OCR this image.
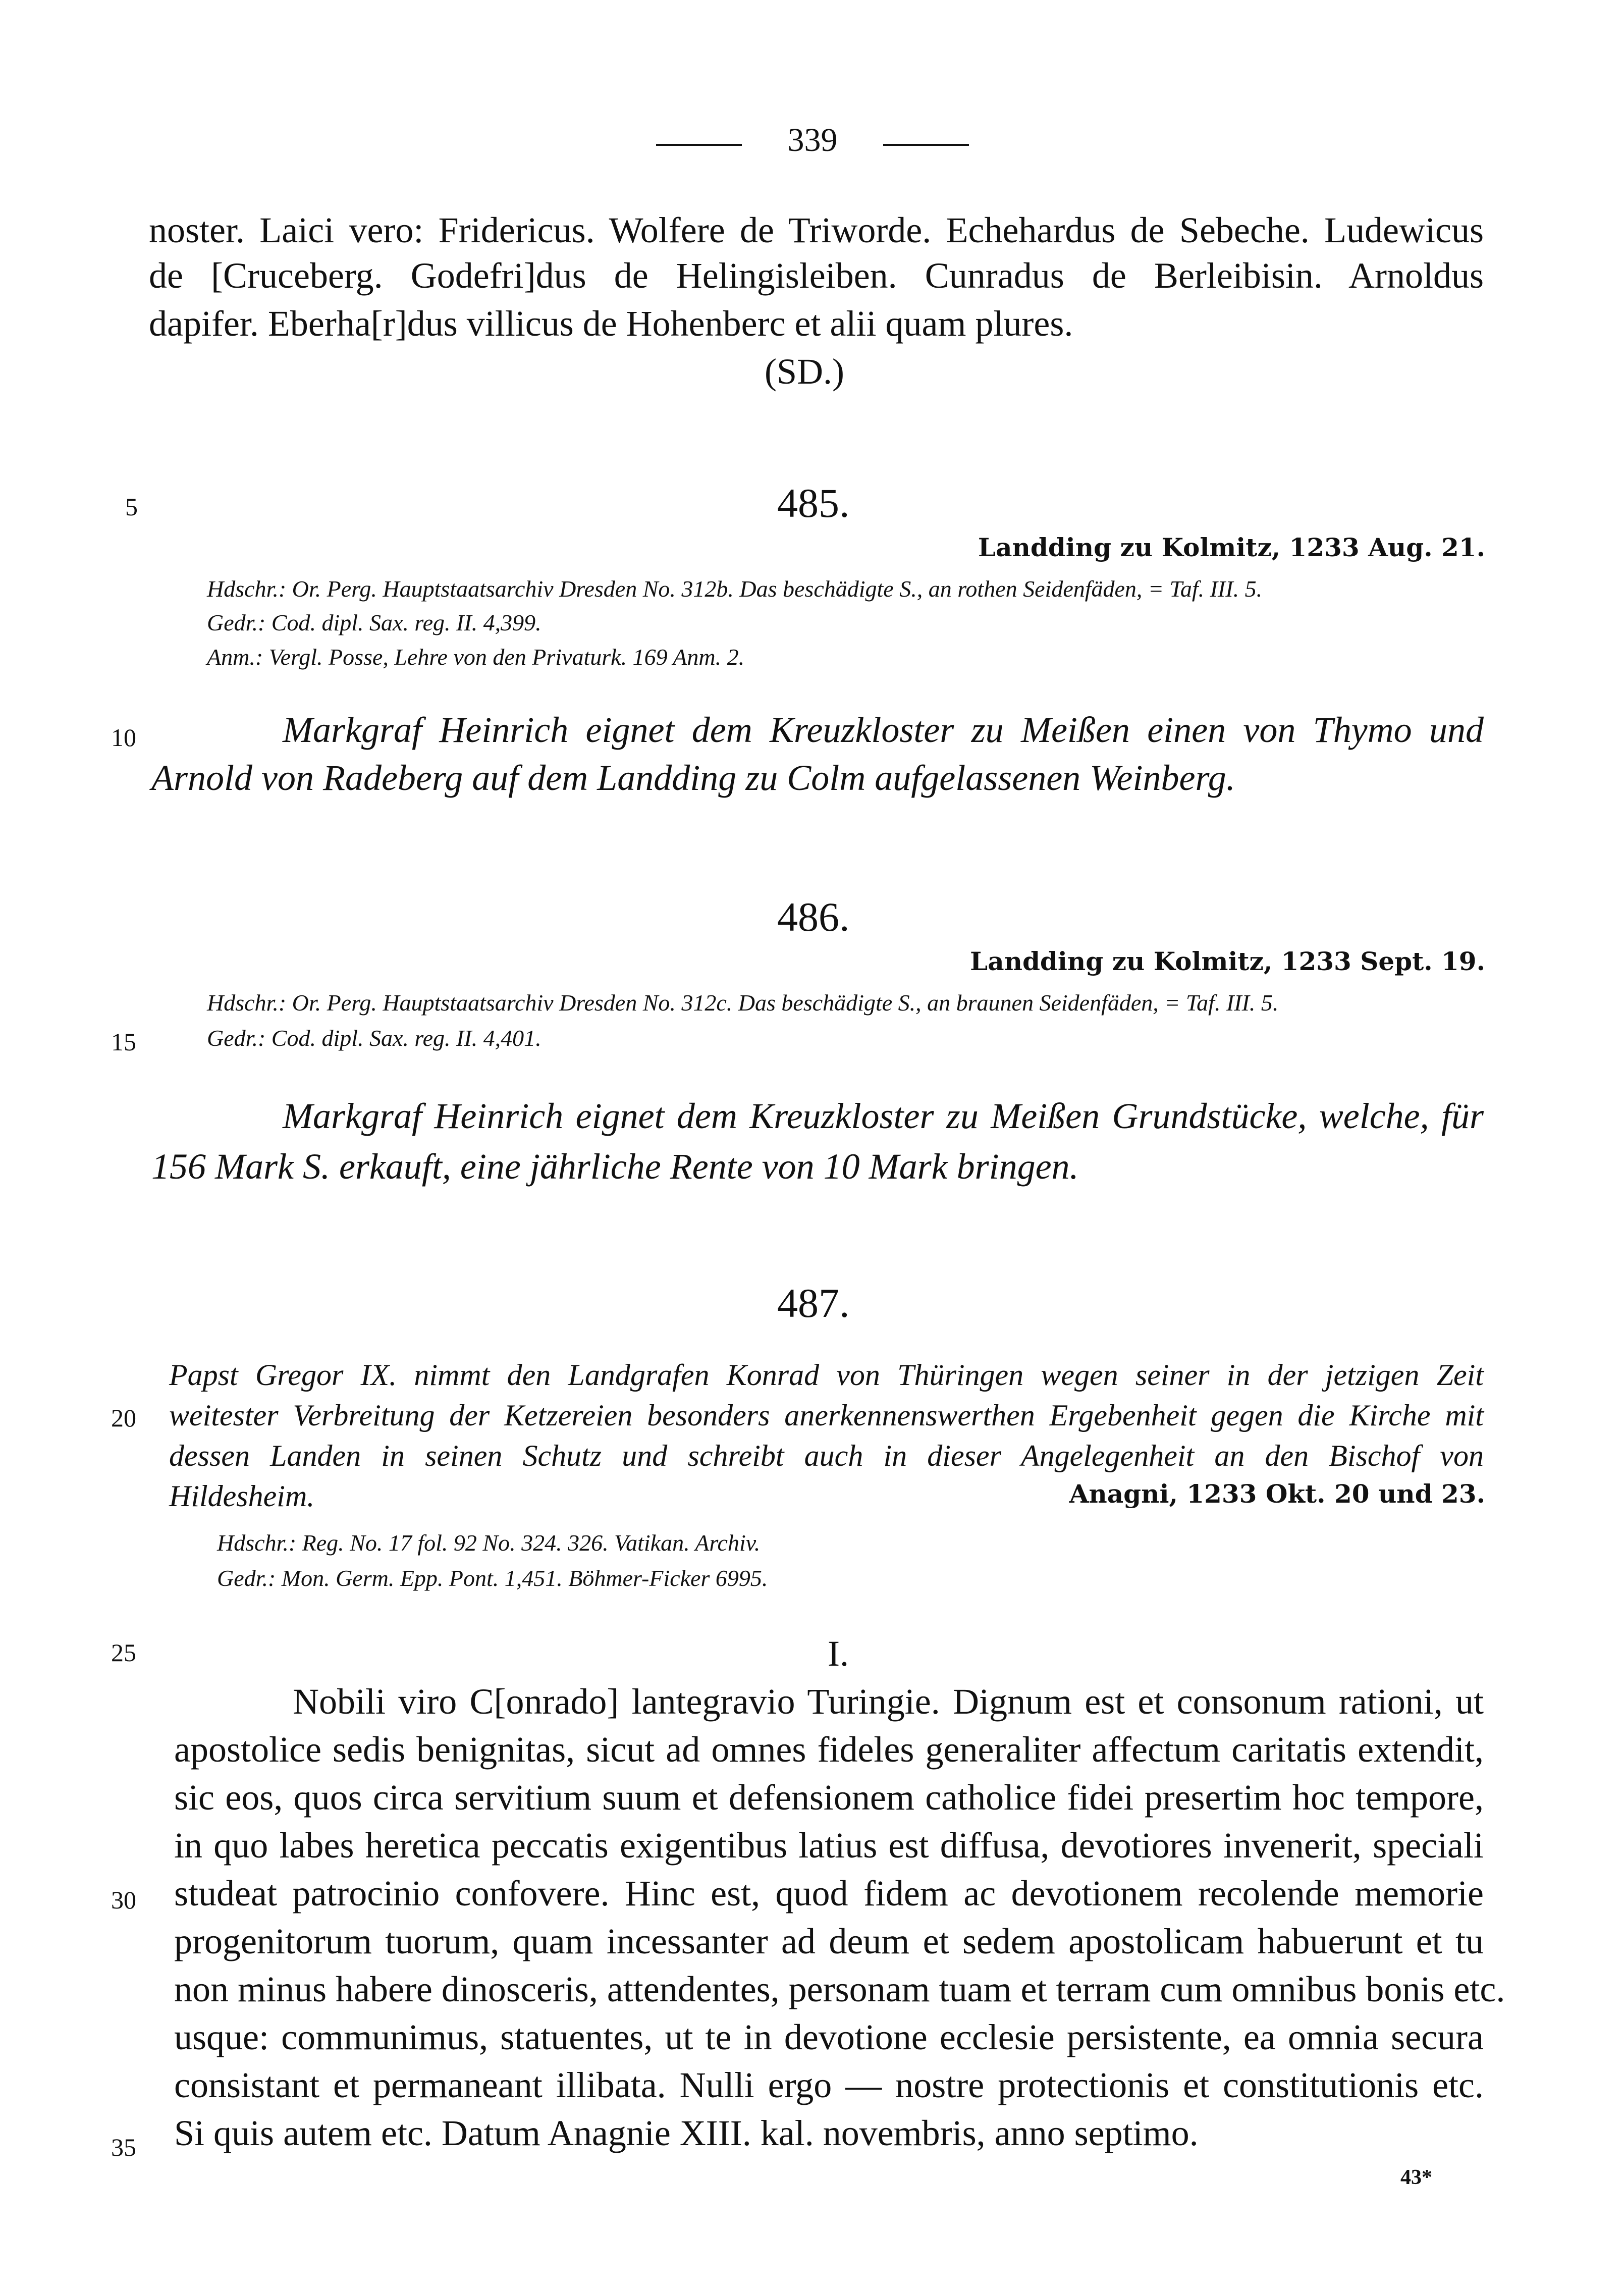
339
noster. Laici vero: Fridericus. Wolfere de Triworde. Echehardus de Sebeche. Ludewicus
de [Cruceberg. Godefri]dus de Helingisleiben. Cunradus de Berleibisin. Arnoldus
dapifer. Eberha[r]dus villicus de Hohenberc et alii quam plures.
(SD.)
5
10
15
20
25
30
35
485.
Landding zu Kolmitz, 1233 Aug. 21.
Hdschr.: Or. Perg. Hauptstaatsarchiv Dresden No. 312b. Das beschädigte S., an rothen Seidenfäden, = Taf. III. 5.
Gedr.: Cod. dipl. Sax. reg. II. 4,399.
Anm.: Vergl. Posse, Lehre von den Privaturk. 169 Anm. 2.
Markgraf Heinrich eignet dem Kreuzkloster zu Meißen einen von Thymo und
Arnold von Radeberg auf dem Landding zu Colm aufgelassenen Weinberg.
486.
Landding zu Kolmitz, 1233 Sept. 19.
Hdschr.: Or. Perg. Hauptstaatsarchiv Dresden No. 312c. Das beschädigte S., an braunen Seidenfäden, = Taf. III. 5.
Gedr.: Cod. dipl. Sax. reg. II. 4,401.
Markgraf Heinrich eignet dem Kreuzkloster zu Meißen Grundstücke, welche, für
156 Mark S. erkauft, eine jährliche Rente von 10 Mark bringen.
487.
Papst Gregor IX. nimmt den Landgrafen Konrad von Thüringen wegen seiner in der jetzigen Zeit
weitester Verbreitung der Ketzereien besonders anerkennenswerthen Ergebenheit gegen die Kirche mit
dessen Landen in seinen Schutz und schreibt auch in dieser Angelegenheit an den Bischof von
Hildesheim.	Anagni, 1233 Okt. 20 und 23.
Hdschr.: Reg. No. 17 fol. 92 No. 324. 326. Vatikan. Archiv.
Gedr.: Mon. Germ. Epp. Pont. 1,451. Böhmer-Ficker 6995.
I.
Nobili viro C[onrado] lantegravio Turingie. Dignum est et consonum rationi, ut
apostolice sedis benignitas, sicut ad omnes fideles generaliter affectum caritatis extendit,
sic eos, quos circa servitium suum et defensionem catholice fidei presertim hoc tempore,
in quo labes heretica peccatis exigentibus latius est diffusa, devotiores invenerit, speciali
studeat patrocinio confovere. Hinc est, quod fidem ac devotionem recolende memorie
progenitorum tuorum, quam incessanter ad deum et sedem apostolicam habuerunt et tu
non minus habere dinosceris, attendentes, personam tuam et terram cum omnibus bonis etc.
usque: communimus, statuentes, ut te in devotione ecclesie persistente, ea omnia secura
consistant et permaneant illibata. Nulli ergo — nostre protectionis et constitutionis etc.
Si quis autem etc. Datum Anagnie XIII. kal. novembris, anno septimo.
43*
